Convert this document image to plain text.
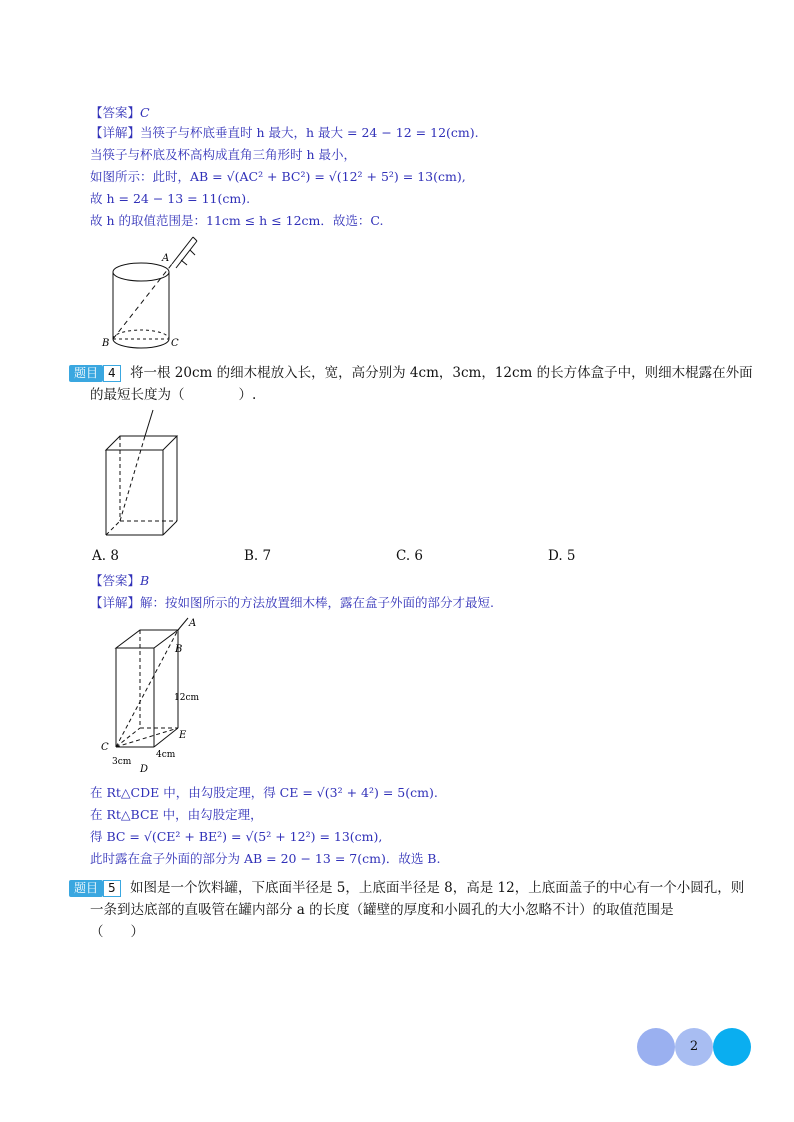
【答案】C
【详解】当筷子与杯底垂直时 h 最大，h 最大 = 24 − 12 = 12(cm).
当筷子与杯底及杯高构成直角三角形时 h 最小，
如图所示：此时，AB = √(AC² + BC²) = √(12² + 5²) = 13(cm),
故 h = 24 − 13 = 11(cm).
故 h 的取值范围是：11cm ≤ h ≤ 12cm．故选：C.
A
B	C
题目 4	将一根 20cm 的细木棍放入长，宽，高分别为 4cm，3cm，12cm 的长方体盒子中，则细木棍露在外面
的最短长度为（　　　　）.
A. 8	B. 7	C. 6	D. 5
【答案】B
【详解】解：按如图所示的方法放置细木棒，露在盒子外面的部分才最短.
A
B
C
D
E
12cm
3cm
4cm
在 Rt△CDE 中，由勾股定理，得 CE = √(3² + 4²) = 5(cm).
在 Rt△BCE 中，由勾股定理，
得 BC = √(CE² + BE²) = √(5² + 12²) = 13(cm),
此时露在盒子外面的部分为 AB = 20 − 13 = 7(cm)．故选 B.
题目 5	如图是一个饮料罐，下底面半径是 5，上底面半径是 8，高是 12，上底面盖子的中心有一个小圆孔，则
一条到达底部的直吸管在罐内部分 a 的长度（罐壁的厚度和小圆孔的大小忽略不计）的取值范围是
（　　）
2
